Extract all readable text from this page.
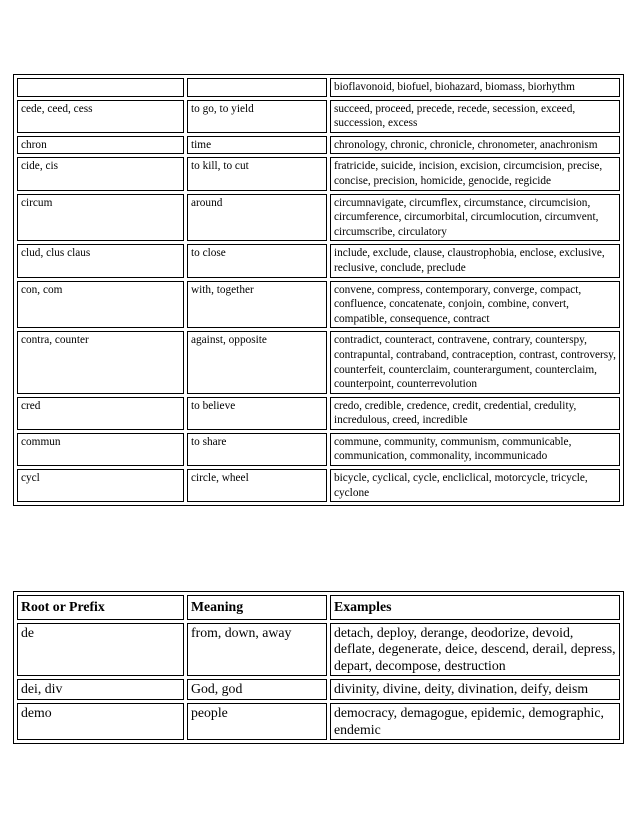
		bioflavonoid, biofuel, biohazard, biomass, biorhythm
cede, ceed, cess	to go, to yield	succeed, proceed, precede, recede, secession, exceed, succession, excess
chron	time	chronology, chronic, chronicle, chronometer, anachronism
cide, cis	to kill, to cut	fratricide, suicide, incision, excision, circumcision, precise, concise, precision, homicide, genocide, regicide
circum	around	circumnavigate, circumflex, circumstance, circumcision, circumference, circumorbital, circumlocution, circumvent, circumscribe, circulatory
clud, clus claus	to close	include, exclude, clause, claustrophobia, enclose, exclusive, reclusive, conclude, preclude
con, com	with, together	convene, compress, contemporary, converge, compact, confluence, concatenate, conjoin, combine, convert, compatible, consequence, contract
contra, counter	against, opposite	contradict, counteract, contravene, contrary, counterspy, contrapuntal, contraband, contraception, contrast, controversy, counterfeit, counterclaim, counterargument, counterclaim, counterpoint, counterrevolution
cred	to believe	credo, credible, credence, credit, credential, credulity, incredulous, creed, incredible
commun	to share	commune, community, communism, communicable, communication, commonality, incommunicado
cycl	circle, wheel	bicycle, cyclical, cycle, encliclical, motorcycle, tricycle, cyclone
Root or Prefix	Meaning	Examples
de	from, down, away	detach, deploy, derange, deodorize, devoid, deflate, degenerate, deice, descend, derail, depress, depart, decompose, destruction
dei, div	God, god	divinity, divine, deity, divination, deify, deism
demo	people	democracy, demagogue, epidemic, demographic, endemic
